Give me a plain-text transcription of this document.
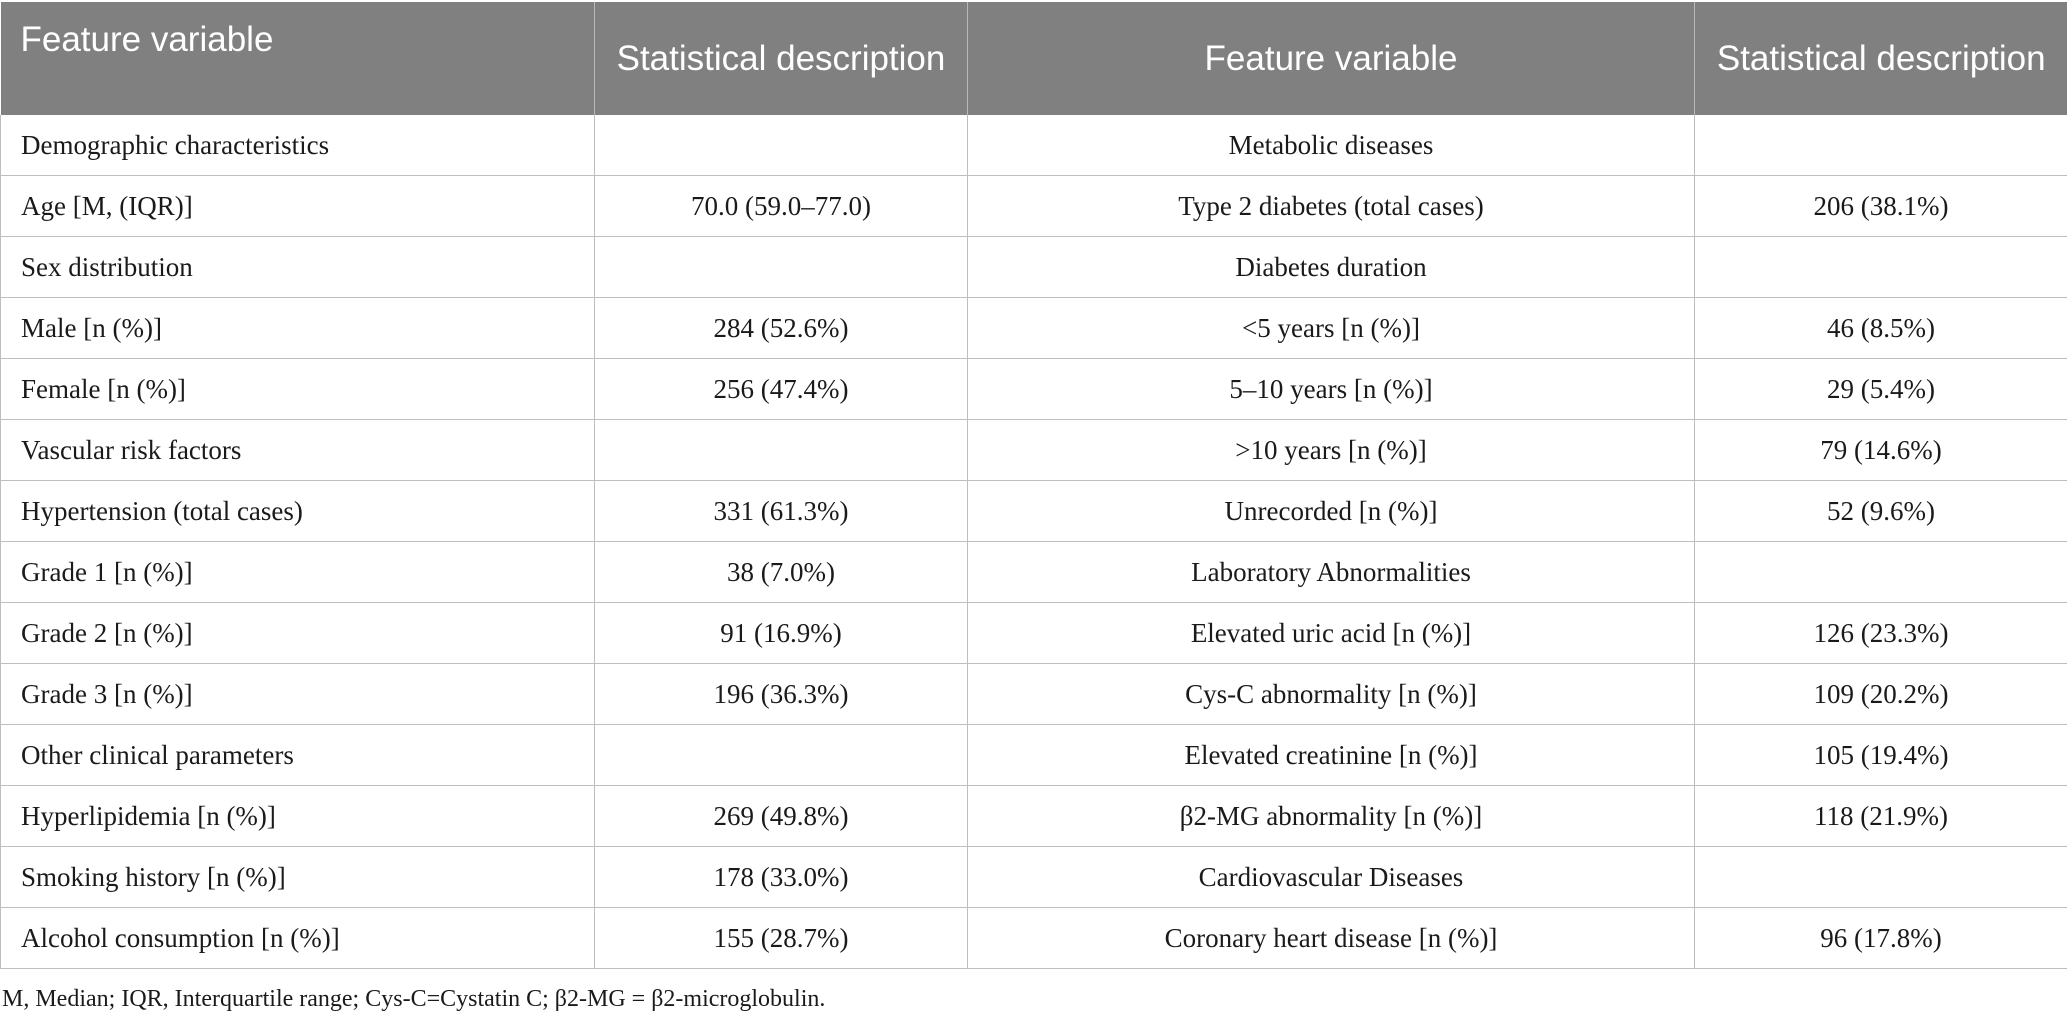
Feature variable	Statistical description	Feature variable	Statistical description
Demographic characteristics		Metabolic diseases	
Age [M, (IQR)]	70.0 (59.0–77.0)	Type 2 diabetes (total cases)	206 (38.1%)
Sex distribution		Diabetes duration	
Male [n (%)]	284 (52.6%)	<5 years [n (%)]	46 (8.5%)
Female [n (%)]	256 (47.4%)	5–10 years [n (%)]	29 (5.4%)
Vascular risk factors		>10 years [n (%)]	79 (14.6%)
Hypertension (total cases)	331 (61.3%)	Unrecorded [n (%)]	52 (9.6%)
Grade 1 [n (%)]	38 (7.0%)	Laboratory Abnormalities	
Grade 2 [n (%)]	91 (16.9%)	Elevated uric acid [n (%)]	126 (23.3%)
Grade 3 [n (%)]	196 (36.3%)	Cys-C abnormality [n (%)]	109 (20.2%)
Other clinical parameters		Elevated creatinine [n (%)]	105 (19.4%)
Hyperlipidemia [n (%)]	269 (49.8%)	β2-MG abnormality [n (%)]	118 (21.9%)
Smoking history [n (%)]	178 (33.0%)	Cardiovascular Diseases	
Alcohol consumption [n (%)]	155 (28.7%)	Coronary heart disease [n (%)]	96 (17.8%)
M, Median; IQR, Interquartile range; Cys-C=Cystatin C; β2-MG = β2-microglobulin.
